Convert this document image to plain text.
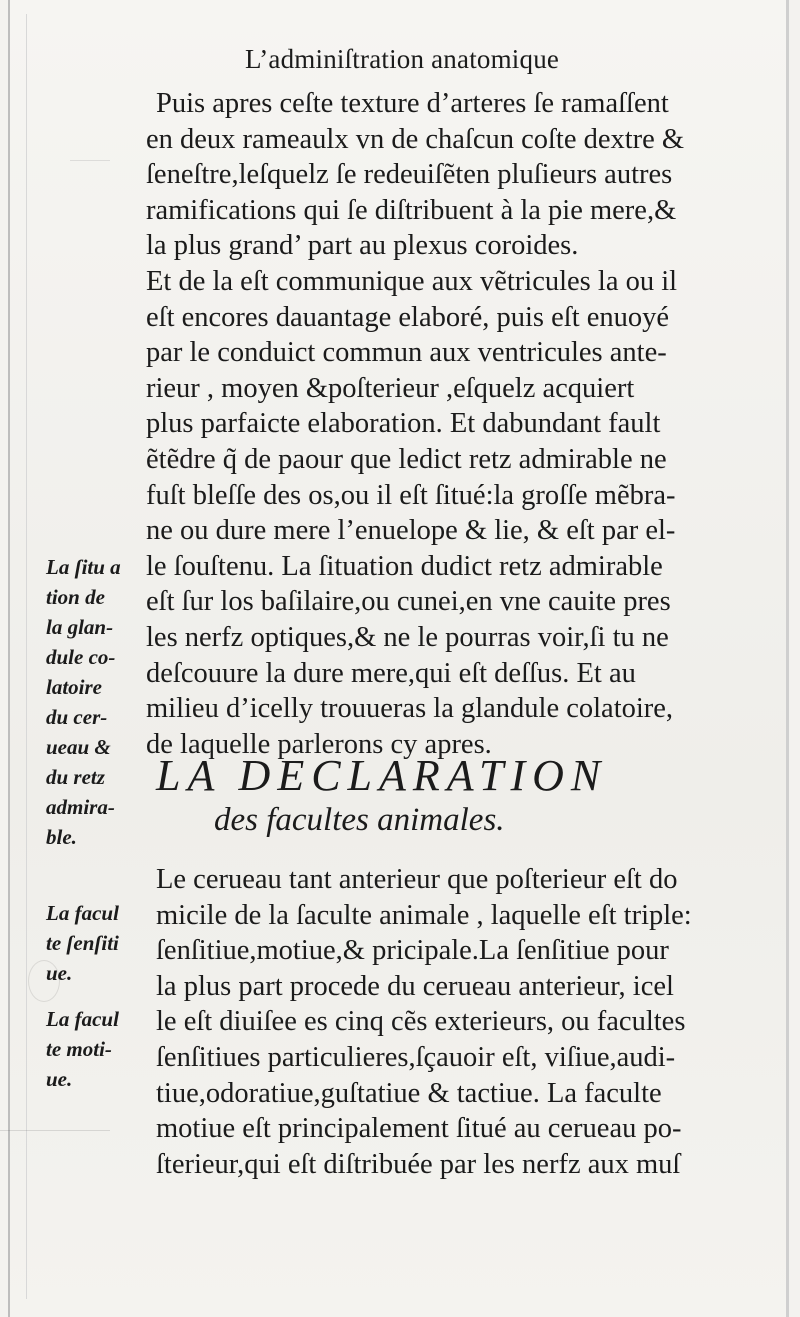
L’adminiſtration anatomique
Puis apres ceſte texture d’arteres ſe ramaſſent
en deux rameaulx vn de chaſcun coſte dextre &
ſeneſtre,leſquelz ſe redeuiſẽten pluſieurs autres
ramifications qui ſe diſtribuent à la pie mere,&
la plus grand’ part au plexus coroides.
Et de la eſt communique aux vẽtricules la ou il
eſt encores dauantage elaboré, puis eſt enuoyé
par le conduict commun aux ventricules ante-
rieur , moyen &poſterieur ,eſquelz acquiert
plus parfaicte elaboration. Et dabundant fault
ẽtẽdre q̃ de paour que ledict retz admirable ne
fuſt bleſſe des os,ou il eſt ſitué:la groſſe mẽbra-
ne ou dure mere l’enuelope & lie, & eſt par el-
le ſouſtenu. La ſituation dudict retz admirable
eſt ſur los baſilaire,ou cunei,en vne cauite pres
les nerfz optiques,& ne le pourras voir,ſi tu ne
deſcouure la dure mere,qui eſt deſſus. Et au
milieu d’icelly trouueras la glandule colatoire,
de laquelle parlerons cy apres.
LA DECLARATION
des facultes animales.
Le cerueau tant anterieur que poſterieur eſt do
micile de la ſaculte animale , laquelle eſt triple:
ſenſitiue,motiue,& pricipale.La ſenſitiue pour
la plus part procede du cerueau anterieur, icel
le eſt diuiſee es cinq cẽs exterieurs, ou facultes
ſenſitiues particulieres,ſçauoir eſt, viſiue,audi-
tiue,odoratiue,guſtatiue & tactiue. La faculte
motiue eſt principalement ſitué au cerueau po-
ſterieur,qui eſt diſtribuée par les nerfz aux muſ
La ſitu a
tion de
la glan-
dule co-
latoire
du cer-
ueau &
du retz
admira-
ble.
La facul
te ſenſiti
ue.
La facul
te moti-
ue.
